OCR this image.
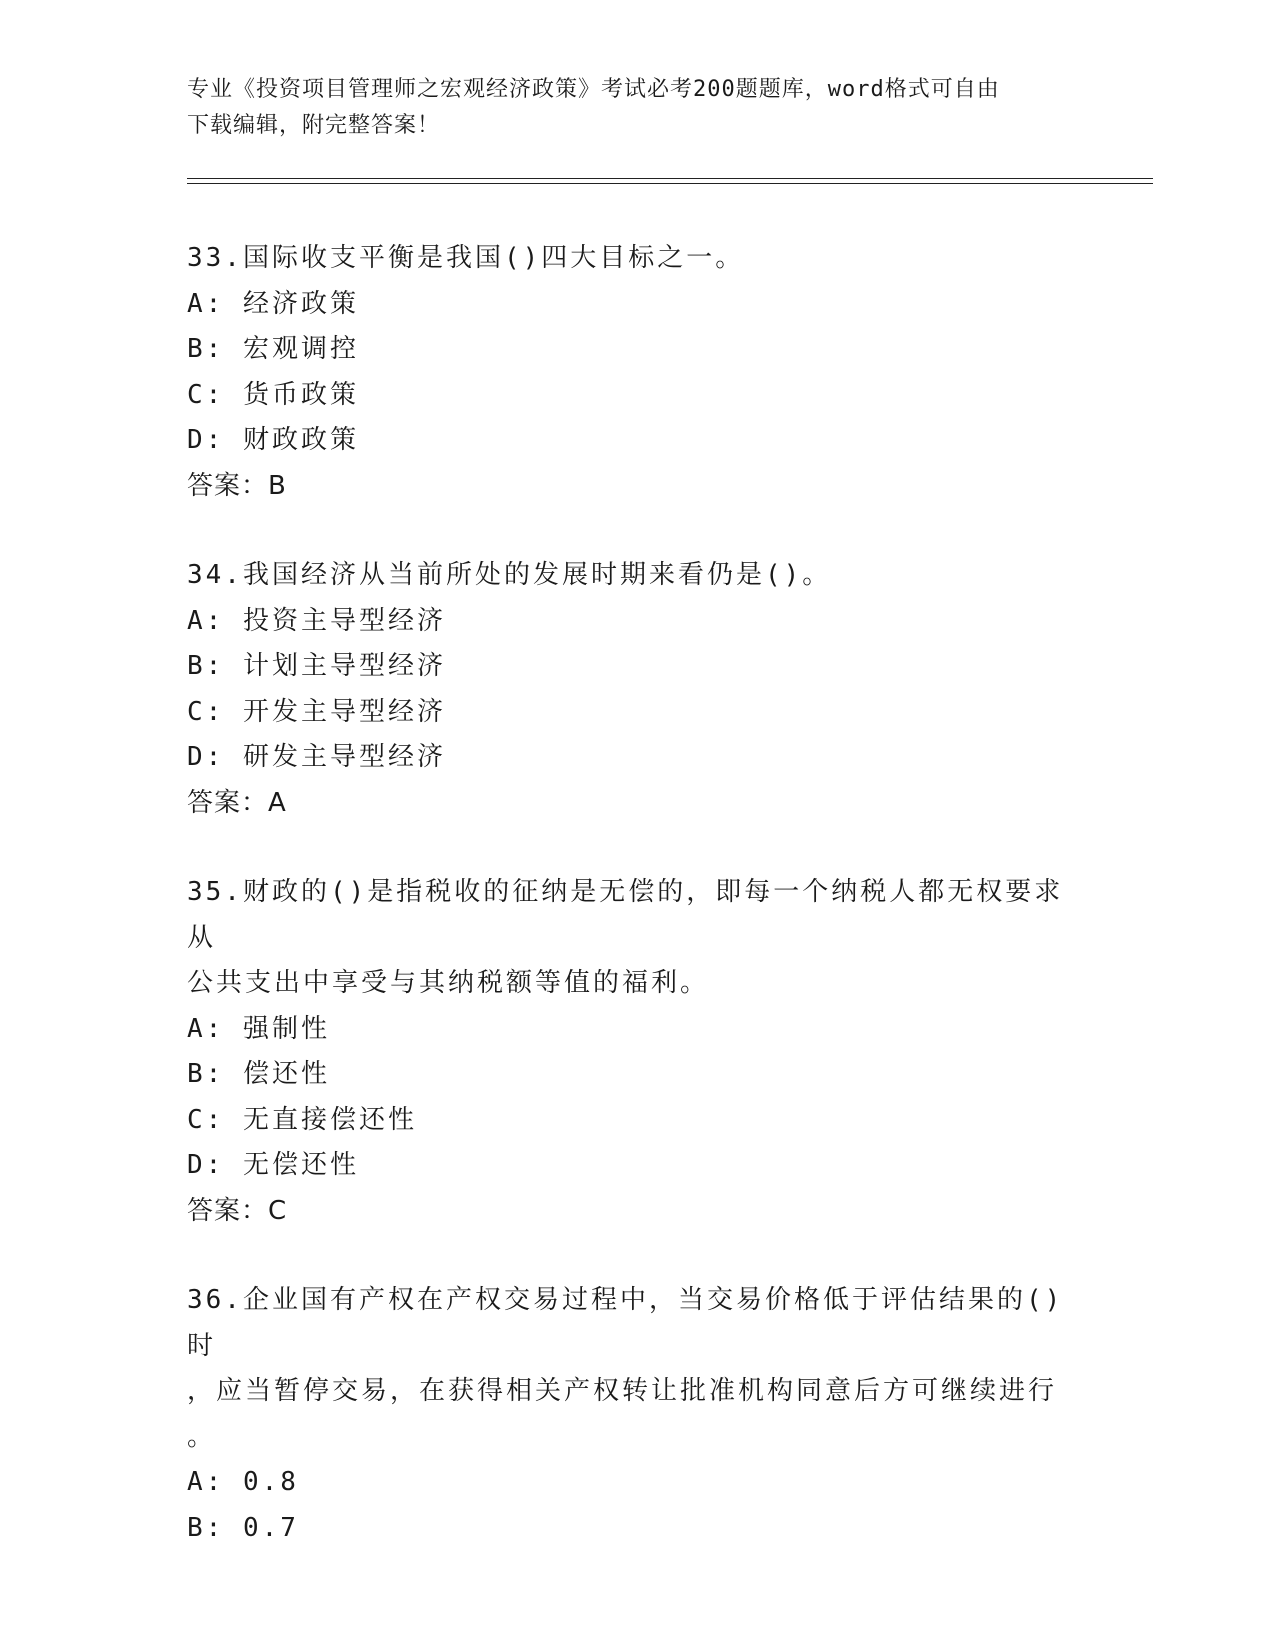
专业《投资项目管理师之宏观经济政策》考试必考200题题库，word格式可自由
下载编辑，附完整答案！
33.国际收支平衡是我国()四大目标之一。
A: 经济政策
B: 宏观调控
C: 货币政策
D: 财政政策
答案：B
34.我国经济从当前所处的发展时期来看仍是()。
A: 投资主导型经济
B: 计划主导型经济
C: 开发主导型经济
D: 研发主导型经济
答案：A
35.财政的()是指税收的征纳是无偿的，即每一个纳税人都无权要求从
公共支出中享受与其纳税额等值的福利。
A: 强制性
B: 偿还性
C: 无直接偿还性
D: 无偿还性
答案：C
36.企业国有产权在产权交易过程中，当交易价格低于评估结果的()时
，应当暂停交易，在获得相关产权转让批准机构同意后方可继续进行
。
A: 0.8
B: 0.7
